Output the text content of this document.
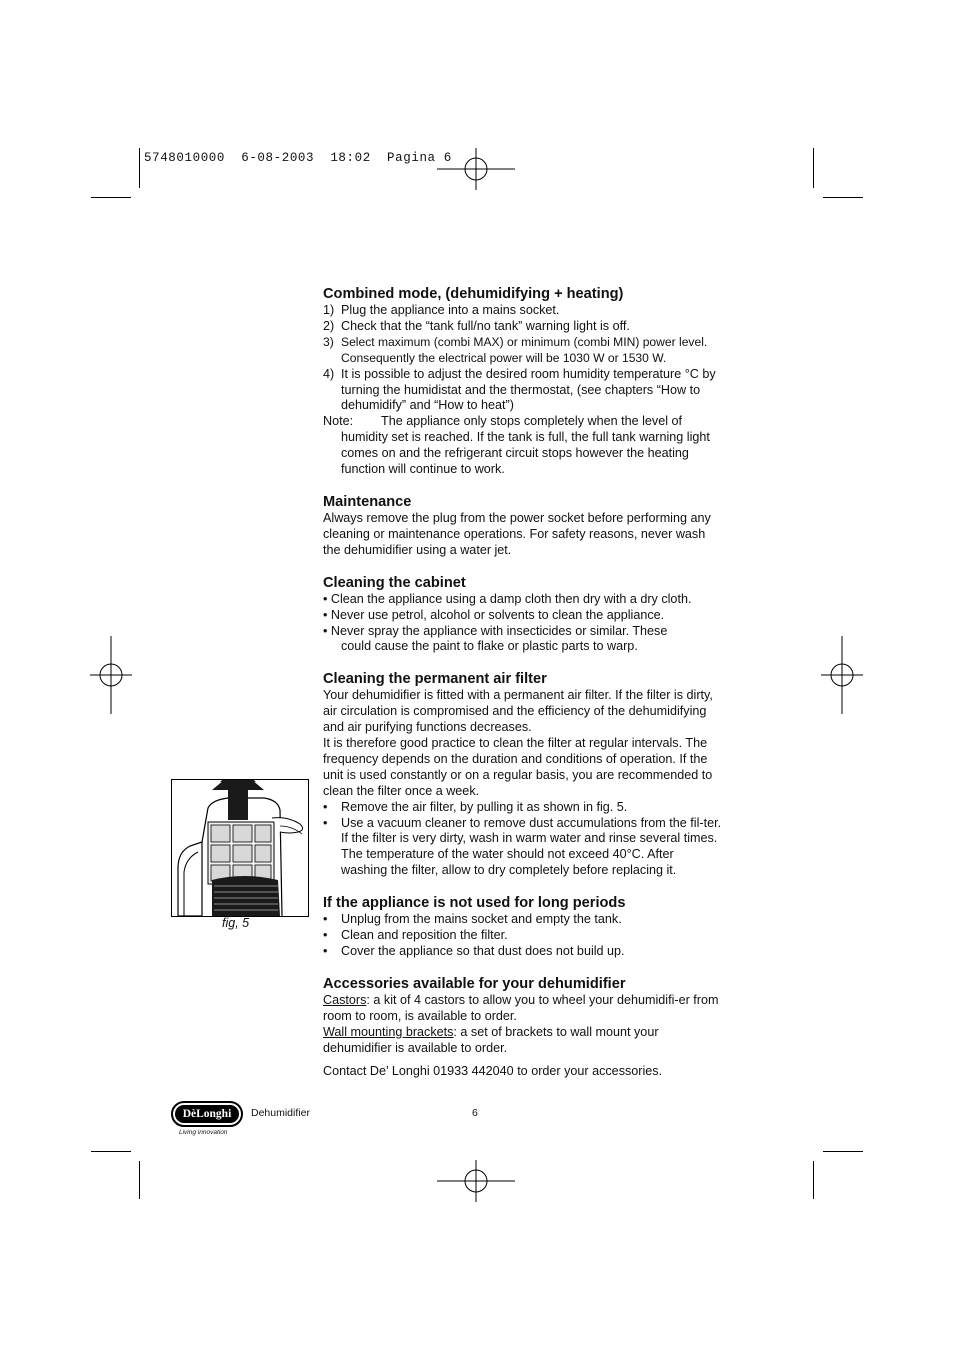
5748010000  6-08-2003  18:02  Pagina 6
Combined mode, (dehumidifying + heating)
1) Plug the appliance into a mains socket.
2) Check that the “tank full/no tank” warning light is off.
3) Select maximum (combi MAX) or minimum (combi MIN) power level. Consequently the electrical power will be 1030 W or 1530 W.
4) It is possible to adjust the desired room humidity temperature °C by turning the humidistat and the thermostat, (see chapters “How to dehumidify” and “How to heat”)
Note: The appliance only stops completely when the level of humidity set is reached. If the tank is full, the full tank warning light comes on and the refrigerant circuit stops however the heating function will continue to work.
Maintenance

Always remove the plug from the power socket before performing any cleaning or maintenance operations. For safety reasons, never wash the dehumidifier using a water jet.

Cleaning the cabinet

• Clean the appliance using a damp cloth then dry with a dry cloth.

• Never use petrol, alcohol or solvents to clean the appliance.

• Never spray the appliance with insecticides or similar. These

could cause the paint to flake or plastic parts to warp.

Cleaning the permanent air filter

Your dehumidifier is fitted with a permanent air filter. If the filter is dirty, air circulation is compromised and the efficiency of the dehumidifying and air purifying functions decreases.

It is therefore good practice to clean the filter at regular intervals. The frequency depends on the duration and conditions of operation. If the unit is used constantly or on a regular basis, you are recommended to clean the filter once a week.

• Remove the air filter, by pulling it as shown in fig. 5.
• Use a vacuum cleaner to remove dust accumulations from the fil-ter. If the filter is very dirty, wash in warm water and rinse several times. The temperature of the water should not exceed 40°C. After washing the filter, allow to dry completely before replacing it.
If the appliance is not used for long periods
• Unplug from the mains socket and empty the tank.
• Clean and reposition the filter.
• Cover the appliance so that dust does not build up.
Accessories available for your dehumidifier

Castors: a kit of 4 castors to allow you to wheel your dehumidifi-er from room to room, is available to order.

Wall mounting brackets: a set of brackets to wall mount your dehumidifier is available to order.

Contact De’ Longhi 01933 442040 to order your accessories.

fig, 5
DèLonghi
Living innovation
Dehumidifier	6
